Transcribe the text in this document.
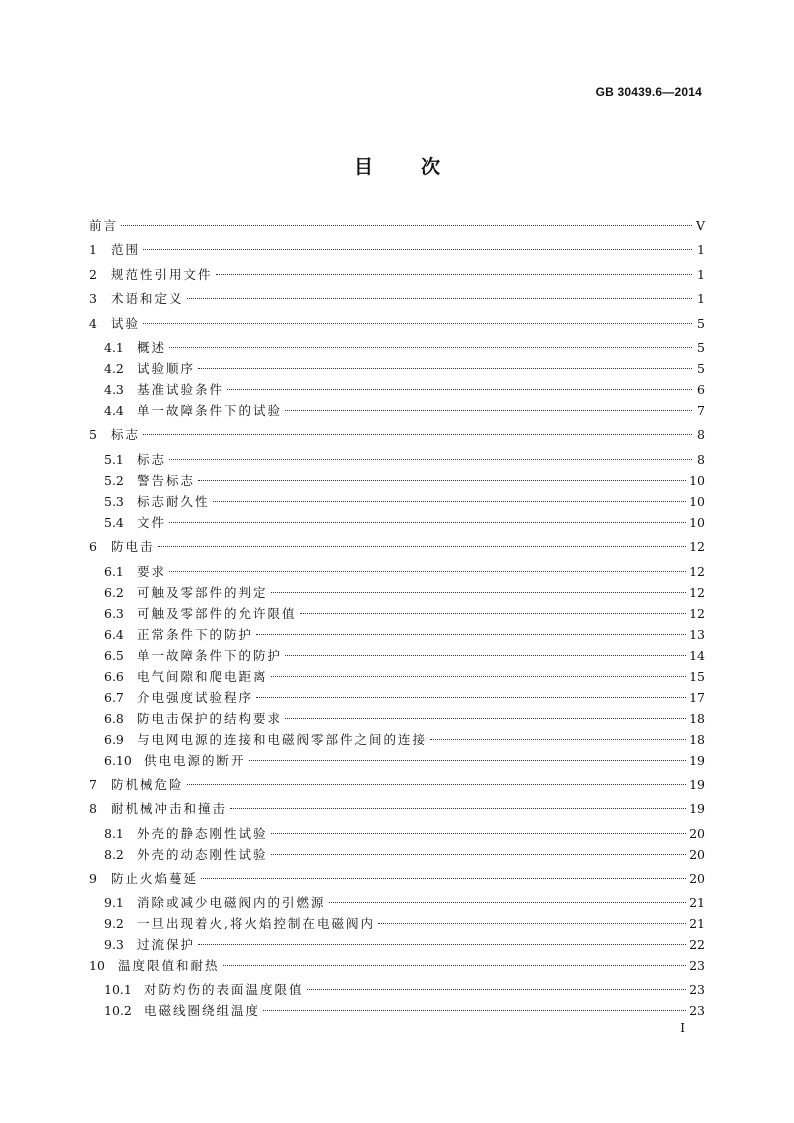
GB 30439.6—2014
目次
前言	V
1	范围	1
2	规范性引用文件	1
3	术语和定义	1
4	试验	5
4.1	概述	5
4.2	试验顺序	5
4.3	基准试验条件	6
4.4	单一故障条件下的试验	7
5	标志	8
5.1	标志	8
5.2	警告标志	10
5.3	标志耐久性	10
5.4	文件	10
6	防电击	12
6.1	要求	12
6.2	可触及零部件的判定	12
6.3	可触及零部件的允许限值	12
6.4	正常条件下的防护	13
6.5	单一故障条件下的防护	14
6.6	电气间隙和爬电距离	15
6.7	介电强度试验程序	17
6.8	防电击保护的结构要求	18
6.9	与电网电源的连接和电磁阀零部件之间的连接	18
6.10 供电电源的断开	19
7	防机械危险	19
8	耐机械冲击和撞击	19
8.1	外壳的静态刚性试验	20
8.2	外壳的动态刚性试验	20
9	防止火焰蔓延	20
9.1	消除或减少电磁阀内的引燃源	21
9.2	一旦出现着火,将火焰控制在电磁阀内	21
9.3	过流保护	22
10	温度限值和耐热	23
10.1 对防灼伤的表面温度限值	23
10.2 电磁线圈绕组温度	23
I
